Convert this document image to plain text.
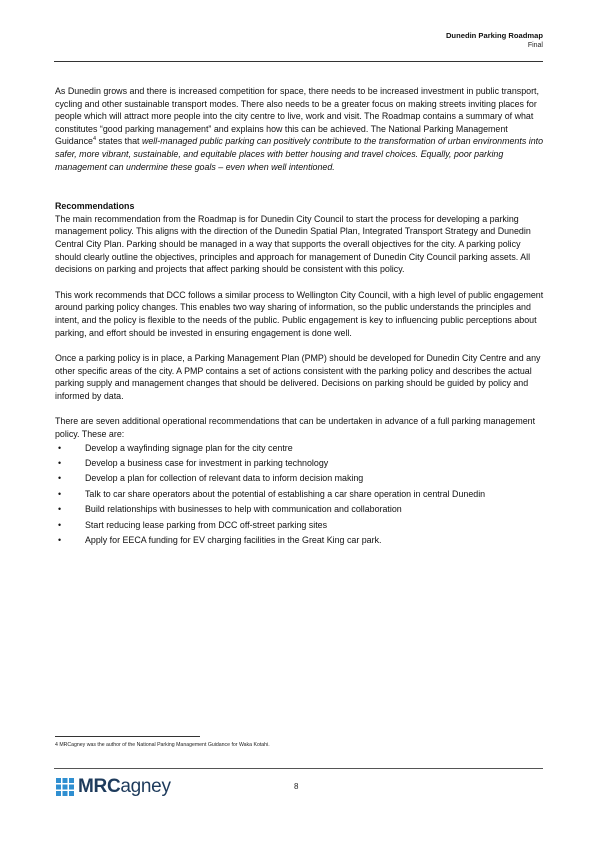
Dunedin Parking Roadmap
Final

As Dunedin grows and there is increased competition for space, there needs to be increased investment in public transport, cycling and other sustainable transport modes. There also needs to be a greater focus on making streets inviting places for people which will attract more people into the city centre to live, work and visit. The Roadmap contains a summary of what constitutes “good parking management” and explains how this can be achieved. The National Parking Management Guidance$^4$ states that well-managed public parking can positively contribute to the transformation of urban environments into safer, more vibrant, sustainable, and equitable places with better housing and travel choices. Equally, poor parking management can undermine these goals – even when well intentioned.

Recommendations

The main recommendation from the Roadmap is for Dunedin City Council to start the process for developing a parking management policy. This aligns with the direction of the Dunedin Spatial Plan, Integrated Transport Strategy and Dunedin Central City Plan. Parking should be managed in a way that supports the overall objectives for the city. A parking policy should clearly outline the objectives, principles and approach for management of Dunedin City Council parking assets. All decisions on parking and projects that affect parking should be consistent with this policy.

This work recommends that DCC follows a similar process to Wellington City Council, with a high level of public engagement around parking policy changes. This enables two way sharing of information, so the public understands the principles and intent, and the policy is flexible to the needs of the public. Public engagement is key to influencing public perceptions about parking, and effort should be invested in ensuring engagement is done well.

Once a parking policy is in place, a Parking Management Plan (PMP) should be developed for Dunedin City Centre and any other specific areas of the city. A PMP contains a set of actions consistent with the parking policy and describes the actual parking supply and management changes that should be delivered. Decisions on parking should be guided by policy and informed by data.

There are seven additional operational recommendations that can be undertaken in advance of a full parking management policy. These are:

•	Develop a wayfinding signage plan for the city centre
•	Develop a business case for investment in parking technology
•	Develop a plan for collection of relevant data to inform decision making
•	Talk to car share operators about the potential of establishing a car share operation in central Dunedin
•	Build relationships with businesses to help with communication and collaboration
•	Start reducing lease parking from DCC off-street parking sites
•	Apply for EECA funding for EV charging facilities in the Great King car park.
4 MRCagney was the author of the National Parking Management Guidance for Waka Kotahi.
MRCagney	8
